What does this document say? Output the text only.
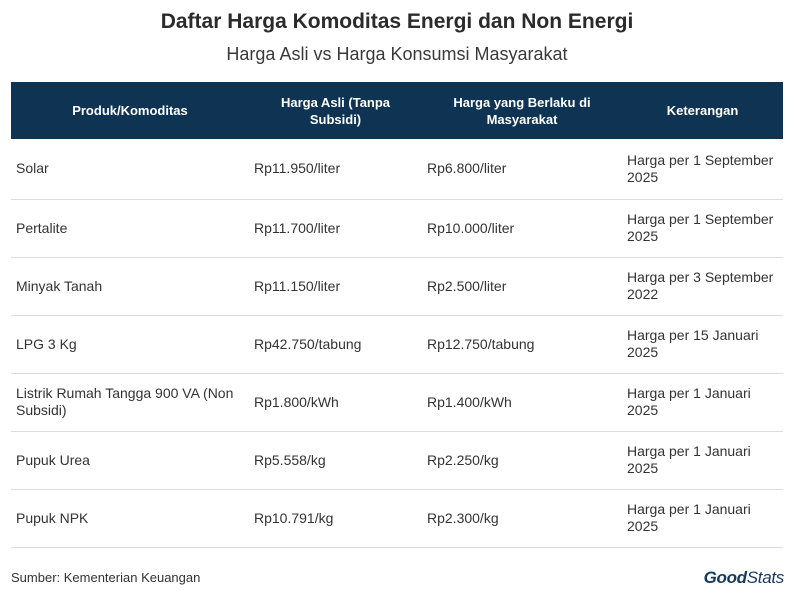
Daftar Harga Komoditas Energi dan Non Energi
Harga Asli vs Harga Konsumsi Masyarakat
Produk/Komoditas	Harga Asli (Tanpa Subsidi)	Harga yang Berlaku di Masyarakat	Keterangan
Solar	Rp11.950/liter	Rp6.800/liter	Harga per 1 September 2025
Pertalite	Rp11.700/liter	Rp10.000/liter	Harga per 1 September 2025
Minyak Tanah	Rp11.150/liter	Rp2.500/liter	Harga per 3 September 2022
LPG 3 Kg	Rp42.750/tabung	Rp12.750/tabung	Harga per 15 Januari 2025
Listrik Rumah Tangga 900 VA (Non Subsidi)	Rp1.800/kWh	Rp1.400/kWh	Harga per 1 Januari 2025
Pupuk Urea	Rp5.558/kg	Rp2.250/kg	Harga per 1 Januari 2025
Pupuk NPK	Rp10.791/kg	Rp2.300/kg	Harga per 1 Januari 2025
Sumber: Kementerian Keuangan	GoodStats
